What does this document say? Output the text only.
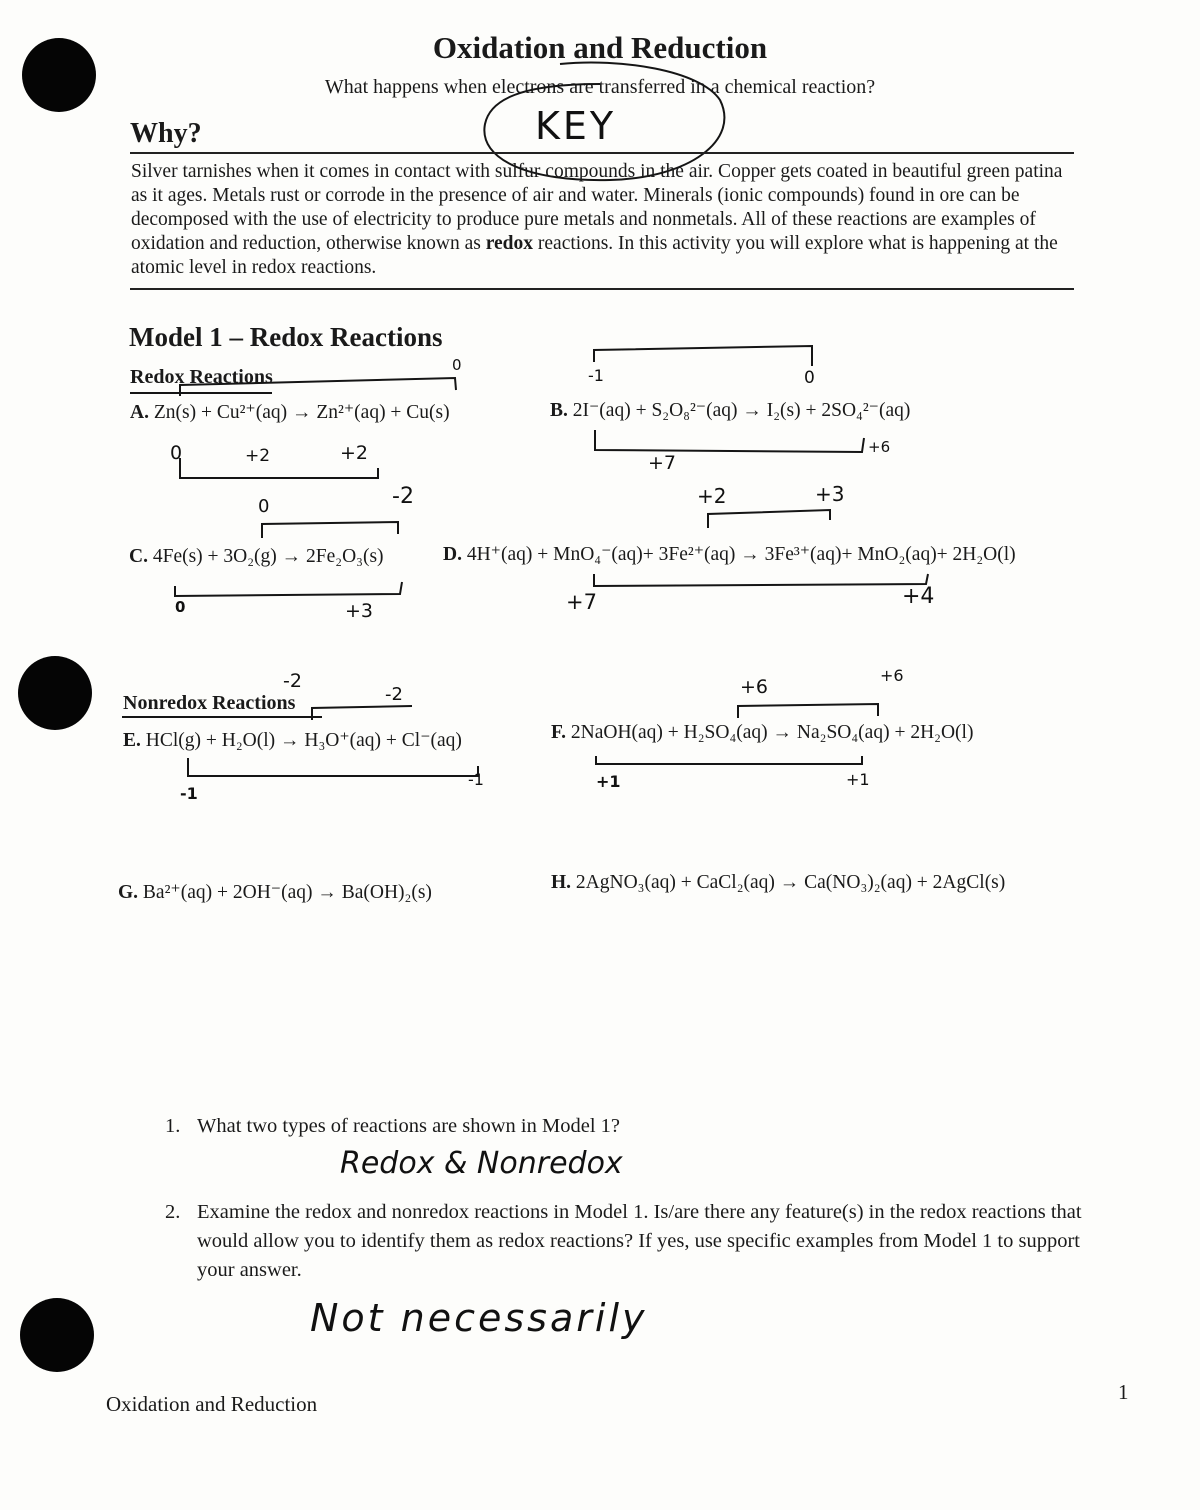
Oxidation and Reduction
What happens when electrons are transferred in a chemical reaction?
KEY
Why?
Silver tarnishes when it comes in contact with sulfur compounds in the air. Copper gets coated in beautiful green patina as it ages. Metals rust or corrode in the presence of air and water. Minerals (ionic compounds) found in ore can be decomposed with the use of electricity to produce pure metals and nonmetals. All of these reactions are examples of oxidation and reduction, otherwise known as redox reactions. In this activity you will explore what is happening at the atomic level in redox reactions.
Model 1 – Redox Reactions
Redox Reactions
A. Zn(s) + Cu²⁺(aq) → Zn²⁺(aq) + Cu(s)	B. 2I⁻(aq) + S₂O₈²⁻(aq) → I₂(s) + 2SO₄²⁻(aq)
C. 4Fe(s) + 3O₂(g) → 2Fe₂O₃(s)	D. 4H⁺(aq) + MnO₄⁻(aq)+ 3Fe²⁺(aq) → 3Fe³⁺(aq)+ MnO₂(aq)+ 2H₂O(l)
Nonredox Reactions
E. HCl(g) + H₂O(l) → H₃O⁺(aq) + Cl⁻(aq)	F. 2NaOH(aq) + H₂SO₄(aq) → Na₂SO₄(aq) + 2H₂O(l)
G. Ba²⁺(aq) + 2OH⁻(aq) → Ba(OH)₂(s)	H. 2AgNO₃(aq) + CaCl₂(aq) → Ca(NO₃)₂(aq) + 2AgCl(s)
0
0	+2	+2
-1	0
+7
+6
0	-2
0	+3
+2	+3
+7	+4
-2
-2
-1
-1
+6
+6
+1	+1
1. What two types of reactions are shown in Model 1?
Redox & Nonredox
2. Examine the redox and nonredox reactions in Model 1. Is/are there any feature(s) in the redox reactions that would allow you to identify them as redox reactions? If yes, use specific examples from Model 1 to support your answer.
Not necessarily
Oxidation and Reduction	1
